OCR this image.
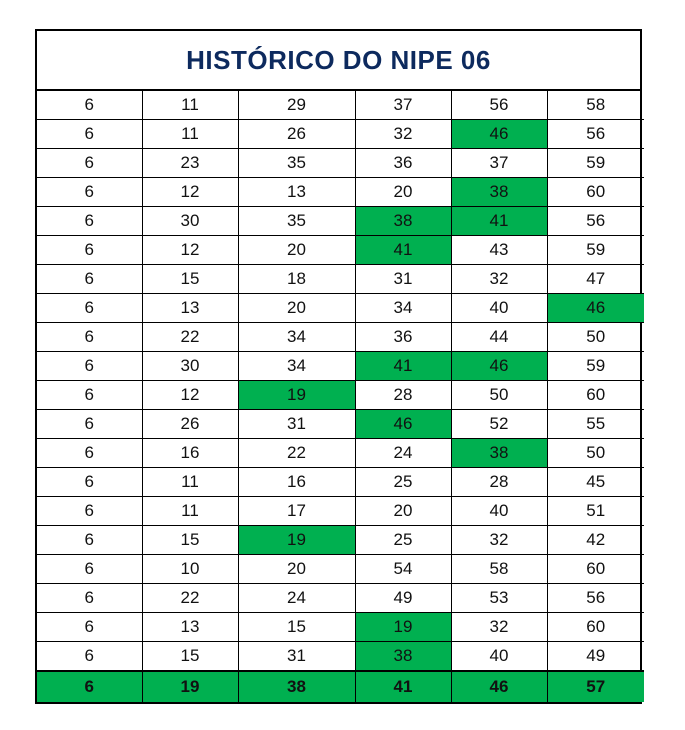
HISTÓRICO DO NIPE 06
6	11	29	37	56	58
6	11	26	32	46	56
6	23	35	36	37	59
6	12	13	20	38	60
6	30	35	38	41	56
6	12	20	41	43	59
6	15	18	31	32	47
6	13	20	34	40	46
6	22	34	36	44	50
6	30	34	41	46	59
6	12	19	28	50	60
6	26	31	46	52	55
6	16	22	24	38	50
6	11	16	25	28	45
6	11	17	20	40	51
6	15	19	25	32	42
6	10	20	54	58	60
6	22	24	49	53	56
6	13	15	19	32	60
6	15	31	38	40	49
6	19	38	41	46	57
